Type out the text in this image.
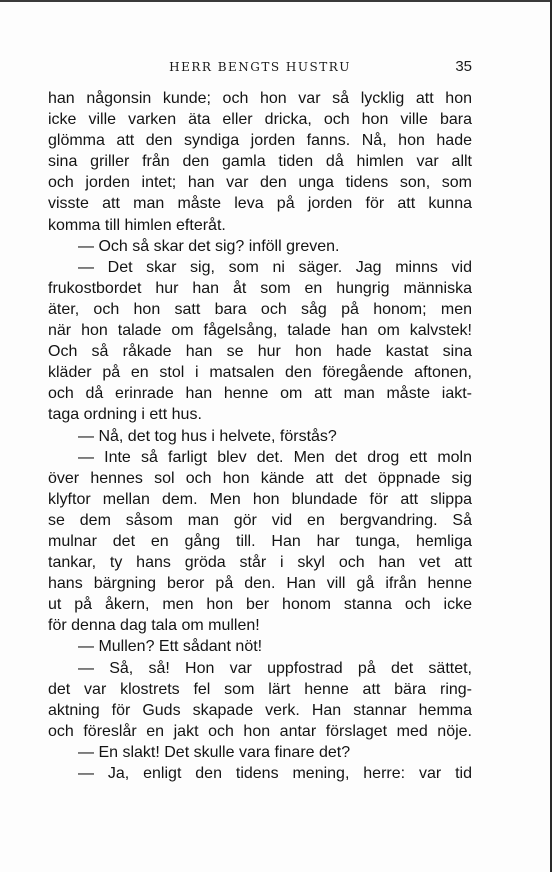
HERR BENGTS HUSTRU	35
han någonsin kunde; och hon var så lycklig att hon
icke ville varken äta eller dricka, och hon ville bara
glömma att den syndiga jorden fanns. Nå, hon hade
sina griller från den gamla tiden då himlen var allt
och jorden intet; han var den unga tidens son, som
visste att man måste leva på jorden för att kunna
komma till himlen efteråt.
— Och så skar det sig? inföll greven.
— Det skar sig, som ni säger. Jag minns vid
frukostbordet hur han åt som en hungrig människa
äter, och hon satt bara och såg på honom; men
när hon talade om fågelsång, talade han om kalvstek!
Och så råkade han se hur hon hade kastat sina
kläder på en stol i matsalen den föregående aftonen,
och då erinrade han henne om att man måste iakt-
taga ordning i ett hus.
— Nå, det tog hus i helvete, förstås?
— Inte så farligt blev det. Men det drog ett moln
över hennes sol och hon kände att det öppnade sig
klyftor mellan dem. Men hon blundade för att slippa
se dem såsom man gör vid en bergvandring. Så
mulnar det en gång till. Han har tunga, hemliga
tankar, ty hans gröda står i skyl och han vet att
hans bärgning beror på den. Han vill gå ifrån henne
ut på åkern, men hon ber honom stanna och icke
för denna dag tala om mullen!
— Mullen? Ett sådant nöt!
— Så, så! Hon var uppfostrad på det sättet,
det var klostrets fel som lärt henne att bära ring-
aktning för Guds skapade verk. Han stannar hemma
och föreslår en jakt och hon antar förslaget med nöje.
— En slakt! Det skulle vara finare det?
— Ja, enligt den tidens mening, herre: var tid
